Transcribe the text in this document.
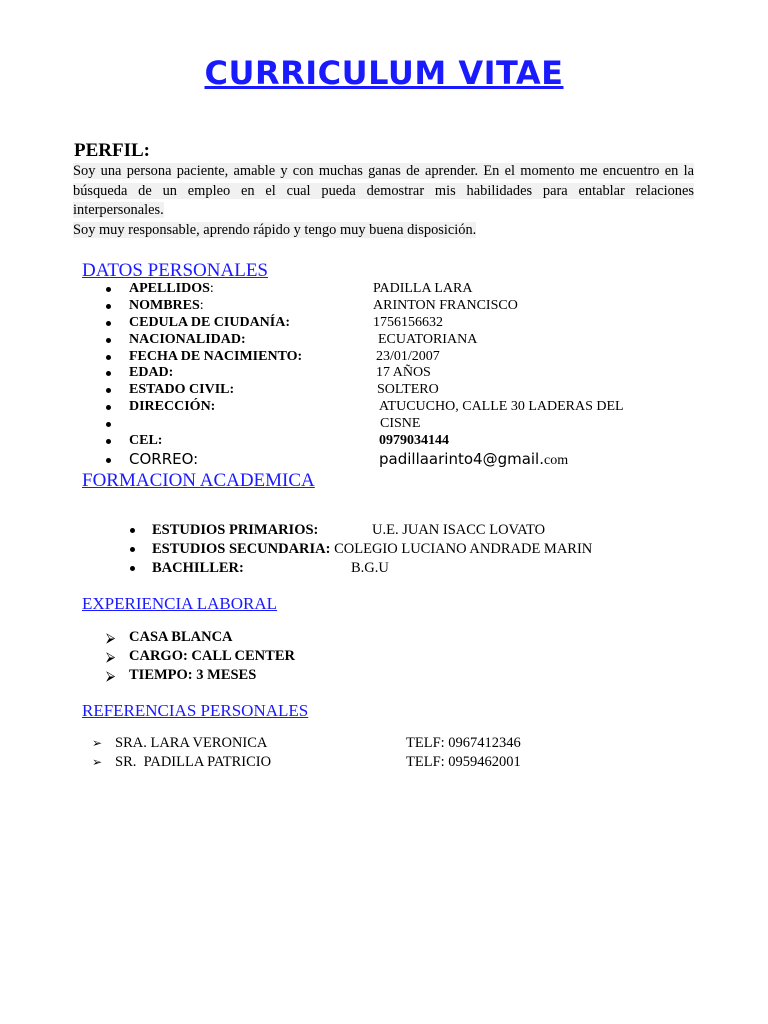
CURRICULUM VITAE
PERFIL:

Soy una persona paciente, amable y con muchas ganas de aprender. En el momento me encuentro en la búsqueda de un empleo en el cual pueda demostrar mis habilidades para entablar relaciones interpersonales.

Soy muy responsable, aprendo rápido y tengo muy buena disposición.

DATOS PERSONALES
APELLIDOS:	PADILLA LARA
NOMBRES:	ARINTON FRANCISCO
CEDULA DE CIUDANÍA:	1756156632
NACIONALIDAD:	ECUATORIANA
FECHA DE NACIMIENTO:	23/01/2007
EDAD:	17 AÑOS
ESTADO CIVIL:	SOLTERO
DIRECCIÓN:	ATUCUCHO, CALLE 30 LADERAS DEL
CISNE
CEL:	0979034144
CORREO:	padillaarinto4@gmail.com
FORMACION ACADEMICA
ESTUDIOS PRIMARIOS:	U.E. JUAN ISACC LOVATO
ESTUDIOS SECUNDARIA: COLEGIO LUCIANO ANDRADE MARIN
BACHILLER:	B.G.U
EXPERIENCIA LABORAL
⮚ CASA BLANCA
⮚ CARGO: CALL CENTER
⮚ TIEMPO: 3 MESES
REFERENCIAS PERSONALES
➢ SRA. LARA VERONICA	TELF: 0967412346
➢ SR.  PADILLA PATRICIO	TELF: 0959462001
